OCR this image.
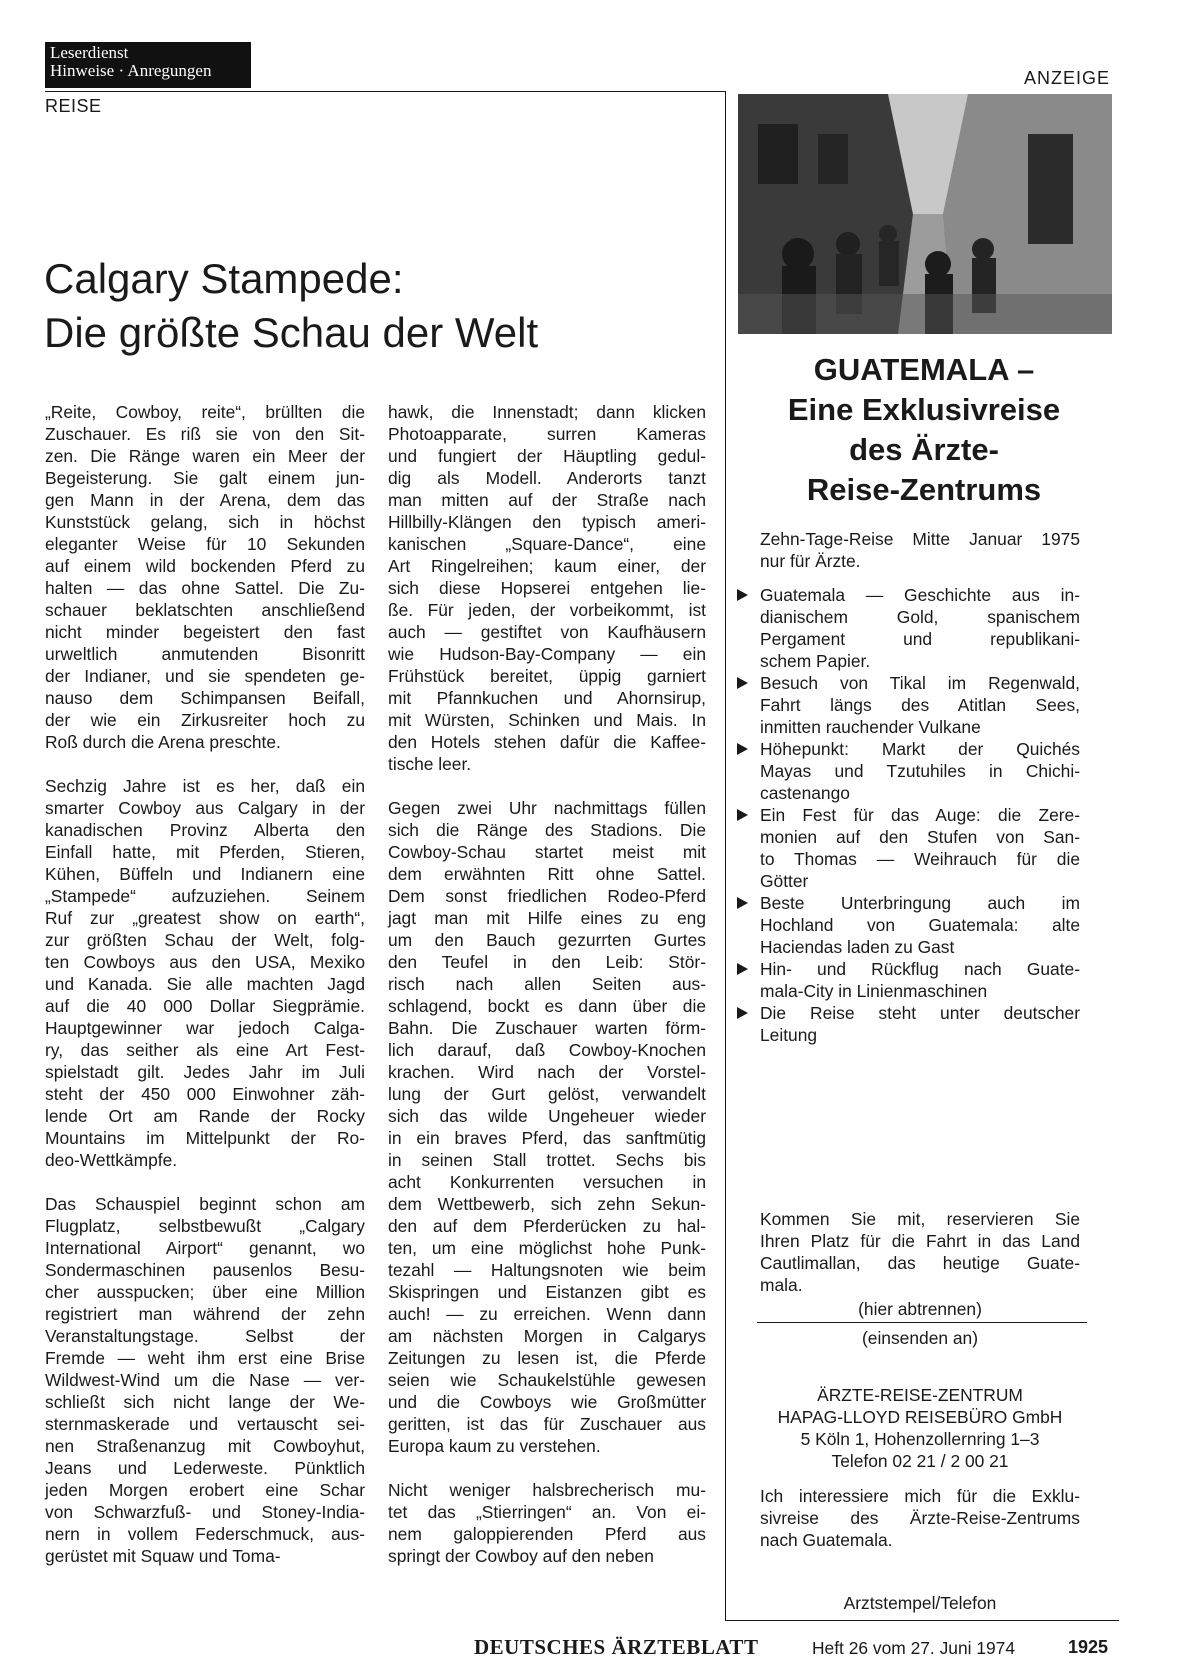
Leserdienst
Hinweise · Anregungen
REISE
ANZEIGE
Calgary Stampede:
Die größte Schau der Welt

„Reite, Cowboy, reite“, brüllten die
Zuschauer. Es riß sie von den Sit-
zen. Die Ränge waren ein Meer der
Begeisterung. Sie galt einem jun-
gen Mann in der Arena, dem das
Kunststück gelang, sich in höchst
eleganter Weise für 10 Sekunden
auf einem wild bockenden Pferd zu
halten — das ohne Sattel. Die Zu-
schauer beklatschten anschließend
nicht minder begeistert den fast
urweltlich anmutenden Bisonritt
der Indianer, und sie spendeten ge-
nauso dem Schimpansen Beifall,
der wie ein Zirkusreiter hoch zu
Roß durch die Arena preschte.

Sechzig Jahre ist es her, daß ein
smarter Cowboy aus Calgary in der
kanadischen Provinz Alberta den
Einfall hatte, mit Pferden, Stieren,
Kühen, Büffeln und Indianern eine
„Stampede“ aufzuziehen. Seinem
Ruf zur „greatest show on earth“,
zur größten Schau der Welt, folg-
ten Cowboys aus den USA, Mexiko
und Kanada. Sie alle machten Jagd
auf die 40 000 Dollar Siegprämie.
Hauptgewinner war jedoch Calga-
ry, das seither als eine Art Fest-
spielstadt gilt. Jedes Jahr im Juli
steht der 450 000 Einwohner zäh-
lende Ort am Rande der Rocky
Mountains im Mittelpunkt der Ro-
deo-Wettkämpfe.

Das Schauspiel beginnt schon am
Flugplatz, selbstbewußt „Calgary
International Airport“ genannt, wo
Sondermaschinen pausenlos Besu-
cher ausspucken; über eine Million
registriert man während der zehn
Veranstaltungstage. Selbst der
Fremde — weht ihm erst eine Brise
Wildwest-Wind um die Nase — ver-
schließt sich nicht lange der We-
sternmaskerade und vertauscht sei-
nen Straßenanzug mit Cowboyhut,
Jeans und Lederweste. Pünktlich
jeden Morgen erobert eine Schar
von Schwarzfuß- und Stoney-India-
nern in vollem Federschmuck, aus-
gerüstet mit Squaw und Toma-

hawk, die Innenstadt; dann klicken
Photoapparate, surren Kameras
und fungiert der Häuptling gedul-
dig als Modell. Anderorts tanzt
man mitten auf der Straße nach
Hillbilly-Klängen den typisch ameri-
kanischen „Square-Dance“, eine
Art Ringelreihen; kaum einer, der
sich diese Hopserei entgehen lie-
ße. Für jeden, der vorbeikommt, ist
auch — gestiftet von Kaufhäusern
wie Hudson-Bay-Company — ein
Frühstück bereitet, üppig garniert
mit Pfannkuchen und Ahornsirup,
mit Würsten, Schinken und Mais. In
den Hotels stehen dafür die Kaffee-
tische leer.

Gegen zwei Uhr nachmittags füllen
sich die Ränge des Stadions. Die
Cowboy-Schau startet meist mit
dem erwähnten Ritt ohne Sattel.
Dem sonst friedlichen Rodeo-Pferd
jagt man mit Hilfe eines zu eng
um den Bauch gezurrten Gurtes
den Teufel in den Leib: Stör-
risch nach allen Seiten aus-
schlagend, bockt es dann über die
Bahn. Die Zuschauer warten förm-
lich darauf, daß Cowboy-Knochen
krachen. Wird nach der Vorstel-
lung der Gurt gelöst, verwandelt
sich das wilde Ungeheuer wieder
in ein braves Pferd, das sanftmütig
in seinen Stall trottet. Sechs bis
acht Konkurrenten versuchen in
dem Wettbewerb, sich zehn Sekun-
den auf dem Pferderücken zu hal-
ten, um eine möglichst hohe Punk-
tezahl — Haltungsnoten wie beim
Skispringen und Eistanzen gibt es
auch! — zu erreichen. Wenn dann
am nächsten Morgen in Calgarys
Zeitungen zu lesen ist, die Pferde
seien wie Schaukelstühle gewesen
und die Cowboys wie Großmütter
geritten, ist das für Zuschauer aus
Europa kaum zu verstehen.

Nicht weniger halsbrecherisch mu-
tet das „Stierringen“ an. Von ei-
nem galoppierenden Pferd aus
springt der Cowboy auf den neben

GUATEMALA –
Eine Exklusivreise
des Ärzte-
Reise-Zentrums
Zehn-Tage-Reise Mitte Januar 1975
nur für Ärzte.
Guatemala — Geschichte aus in-
dianischem Gold, spanischem
Pergament und republikani-
schem Papier.
Besuch von Tikal im Regenwald,
Fahrt längs des Atitlan Sees,
inmitten rauchender Vulkane
Höhepunkt: Markt der Quichés
Mayas und Tzutuhiles in Chichi-
castenango
Ein Fest für das Auge: die Zere-
monien auf den Stufen von San-
to Thomas — Weihrauch für die
Götter
Beste Unterbringung auch im
Hochland von Guatemala: alte
Haciendas laden zu Gast
Hin- und Rückflug nach Guate-
mala-City in Linienmaschinen
Die Reise steht unter deutscher
Leitung
Kommen Sie mit, reservieren Sie
Ihren Platz für die Fahrt in das Land
Cautlimallan, das heutige Guate-
mala.
(hier abtrennen)
(einsenden an)
ÄRZTE-REISE-ZENTRUM
HAPAG-LLOYD REISEBÜRO GmbH
5 Köln 1, Hohenzollernring 1–3
Telefon 02 21 / 2 00 21
Ich interessiere mich für die Exklu-
sivreise des Ärzte-Reise-Zentrums
nach Guatemala.
Arztstempel/Telefon
DEUTSCHES ÄRZTEBLATT	Heft 26 vom 27. Juni 1974	1925
